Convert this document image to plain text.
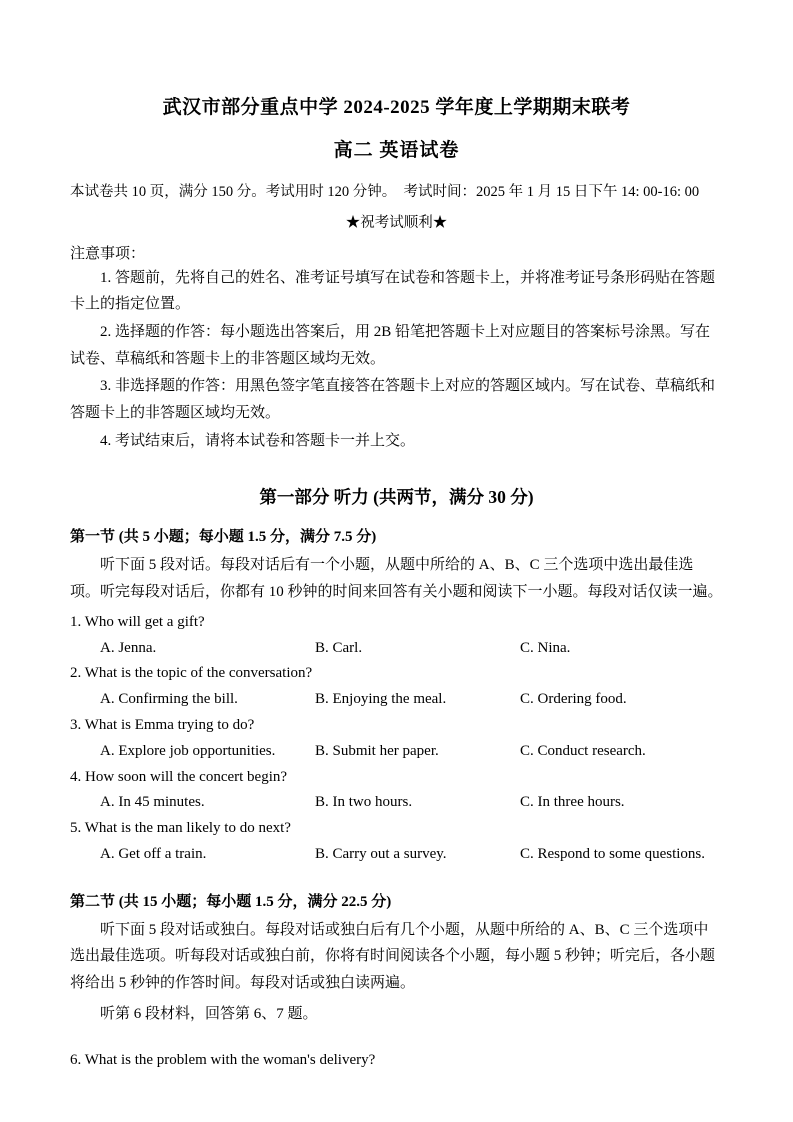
武汉市部分重点中学 2024-2025 学年度上学期期末联考
高二 英语试卷

本试卷共 10 页，满分 150 分。考试用时 120 分钟。　考试时间：2025 年 1 月 15 日下午 14: 00-16: 00

★祝考试顺利★

注意事项：

1. 答题前，先将自己的姓名、准考证号填写在试卷和答题卡上，并将准考证号条形码贴在答题卡上的指定位置。

2. 选择题的作答：每小题选出答案后，用 2B 铅笔把答题卡上对应题目的答案标号涂黑。写在试卷、草稿纸和答题卡上的非答题区域均无效。

3. 非选择题的作答：用黑色签字笔直接答在答题卡上对应的答题区域内。写在试卷、草稿纸和答题卡上的非答题区域均无效。

4. 考试结束后，请将本试卷和答题卡一并上交。

第一部分 听力 (共两节，满分 30 分)

第一节 (共 5 小题；每小题 1.5 分，满分 7.5 分)

听下面 5 段对话。每段对话后有一个小题，从题中所给的 A、B、C 三个选项中选出最佳选项。听完每段对话后，你都有 10 秒钟的时间来回答有关小题和阅读下一小题。每段对话仅读一遍。

1. Who will get a gift?

A. Jenna.	B. Carl.	C. Nina.

2. What is the topic of the conversation?

A. Confirming the bill.	B. Enjoying the meal.	C. Ordering food.

3. What is Emma trying to do?

A. Explore job opportunities.	B. Submit her paper.	C. Conduct research.

4. How soon will the concert begin?

A. In 45 minutes.	B. In two hours.	C. In three hours.

5. What is the man likely to do next?

A. Get off a train.	B. Carry out a survey.	C. Respond to some questions.

第二节 (共 15 小题；每小题 1.5 分，满分 22.5 分)

听下面 5 段对话或独白。每段对话或独白后有几个小题，从题中所给的 A、B、C 三个选项中选出最佳选项。听每段对话或独白前，你将有时间阅读各个小题，每小题 5 秒钟；听完后，各小题将给出 5 秒钟的作答时间。每段对话或独白读两遍。

听第 6 段材料，回答第 6、7 题。

6. What is the problem with the woman's delivery?
